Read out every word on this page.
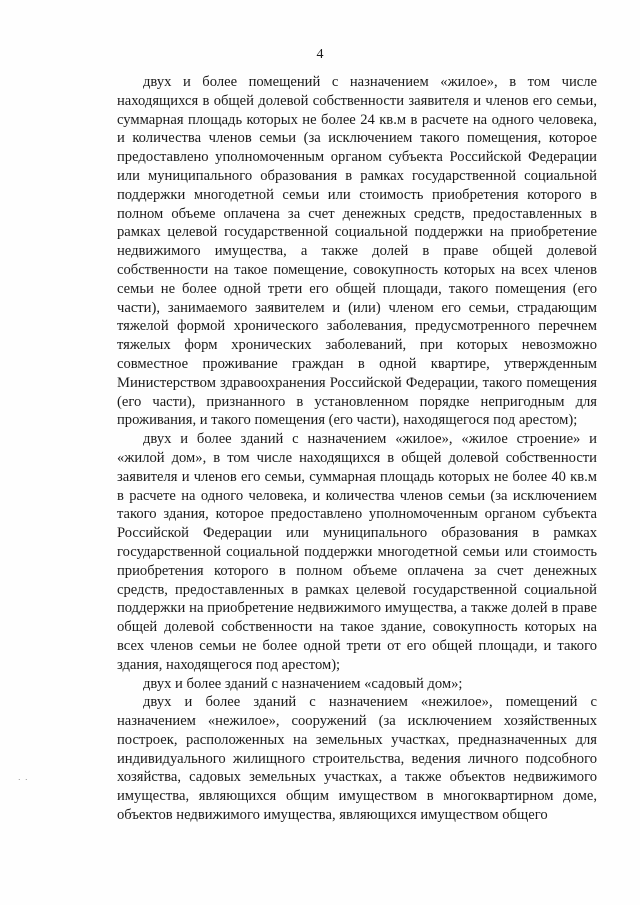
4

двух и более помещений с назначением «жилое», в том числе находящихся в общей долевой собственности заявителя и членов его семьи, суммарная площадь которых не более 24 кв.м в расчете на одного человека, и количества членов семьи (за исключением такого помещения, которое предоставлено уполномоченным органом субъекта Российской Федерации или муниципального образования в рамках государственной социальной поддержки многодетной семьи или стоимость приобретения которого в полном объеме оплачена за счет денежных средств, предоставленных в рамках целевой государственной социальной поддержки на приобретение недвижимого имущества, а также долей в праве общей долевой собственности на такое помещение, совокупность которых на всех членов семьи не более одной трети его общей площади, такого помещения (его части), занимаемого заявителем и (или) членом его семьи, страдающим тяжелой формой хронического заболевания, предусмотренного перечнем тяжелых форм хронических заболеваний, при которых невозможно совместное проживание граждан в одной квартире, утвержденным Министерством здравоохранения Российской Федерации, такого помещения (его части), признанного в установленном порядке непригодным для проживания, и такого помещения (его части), находящегося под арестом);

двух и более зданий с назначением «жилое», «жилое строение» и «жилой дом», в том числе находящихся в общей долевой собственности заявителя и членов его семьи, суммарная площадь которых не более 40 кв.м в расчете на одного человека, и количества членов семьи (за исключением такого здания, которое предоставлено уполномоченным органом субъекта Российской Федерации или муниципального образования в рамках государственной социальной поддержки многодетной семьи или стоимость приобретения которого в полном объеме оплачена за счет денежных средств, предоставленных в рамках целевой государственной социальной поддержки на приобретение недвижимого имущества, а также долей в праве общей долевой собственности на такое здание, совокупность которых на всех членов семьи не более одной трети от его общей площади, и такого здания, находящегося под арестом);

двух и более зданий с назначением «садовый дом»;

двух и более зданий с назначением «нежилое», помещений с назначением «нежилое», сооружений (за исключением хозяйственных построек, расположенных на земельных участках, предназначенных для индивидуального жилищного строительства, ведения личного подсобного хозяйства, садовых земельных участках, а также объектов недвижимого имущества, являющихся общим имуществом в многоквартирном доме, объектов недвижимого имущества, являющихся имуществом общего

. .
